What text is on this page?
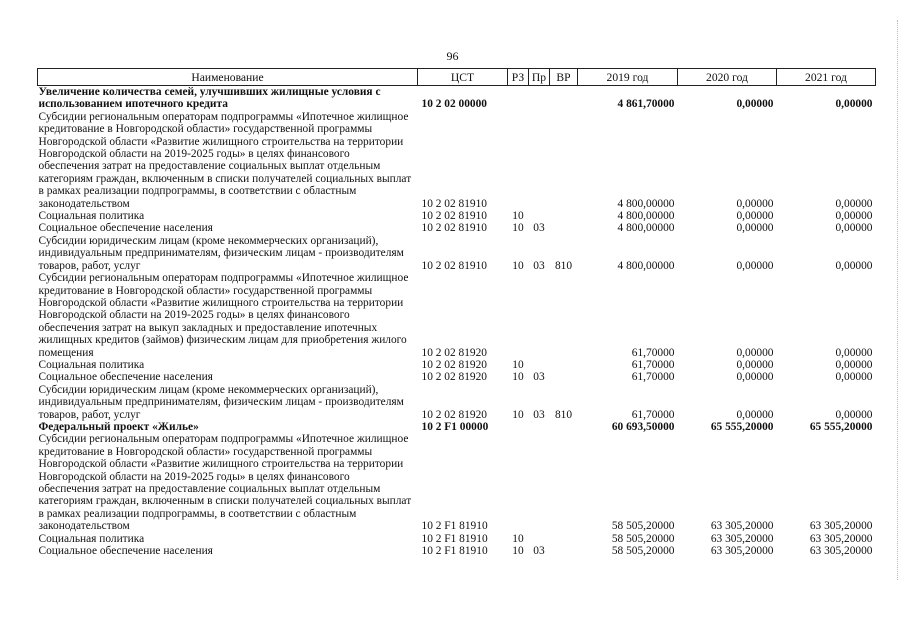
96
Наименование	ЦСТ	РЗ	Пр	ВР	2019 год	2020 год	2021 год
Увеличение количества семей, улучшивших жилищные условия с использованием ипотечного кредита	10 2 02 00000				4 861,70000	0,00000	0,00000
Субсидии региональным операторам подпрограммы «Ипотечное жилищное кредитование в Новгородской области» государственной программы Новгородской области «Развитие жилищного строительства на территории Новгородской области на 2019-2025 годы» в целях финансового обеспечения затрат на предоставление социальных выплат отдельным категориям граждан, включенным в списки получателей социальных выплат в рамках реализации подпрограммы, в соответствии с областным законодательством	10 2 02 81910				4 800,00000	0,00000	0,00000
Социальная политика	10 2 02 81910	10			4 800,00000	0,00000	0,00000
Социальное обеспечение населения	10 2 02 81910	10	03		4 800,00000	0,00000	0,00000
Субсидии юридическим лицам (кроме некоммерческих организаций), индивидуальным предпринимателям, физическим лицам - производителям товаров, работ, услуг	10 2 02 81910	10	03	810	4 800,00000	0,00000	0,00000
Субсидии региональным операторам подпрограммы «Ипотечное жилищное кредитование в Новгородской области» государственной программы Новгородской области «Развитие жилищного строительства на территории Новгородской области на 2019-2025 годы» в целях финансового обеспечения затрат на выкуп закладных и предоставление ипотечных жилищных кредитов (займов) физическим лицам для приобретения жилого помещения	10 2 02 81920				61,70000	0,00000	0,00000
Социальная политика	10 2 02 81920	10			61,70000	0,00000	0,00000
Социальное обеспечение населения	10 2 02 81920	10	03		61,70000	0,00000	0,00000
Субсидии юридическим лицам (кроме некоммерческих организаций), индивидуальным предпринимателям, физическим лицам - производителям товаров, работ, услуг	10 2 02 81920	10	03	810	61,70000	0,00000	0,00000
Федеральный проект «Жилье»	10 2 F1 00000				60 693,50000	65 555,20000	65 555,20000
Субсидии региональным операторам подпрограммы «Ипотечное жилищное кредитование в Новгородской области» государственной программы Новгородской области «Развитие жилищного строительства на территории Новгородской области на 2019-2025 годы» в целях финансового обеспечения затрат на предоставление социальных выплат отдельным категориям граждан, включенным в списки получателей социальных выплат в рамках реализации подпрограммы, в соответствии с областным законодательством	10 2 F1 81910				58 505,20000	63 305,20000	63 305,20000
Социальная политика	10 2 F1 81910	10			58 505,20000	63 305,20000	63 305,20000
Социальное обеспечение населения	10 2 F1 81910	10	03		58 505,20000	63 305,20000	63 305,20000
